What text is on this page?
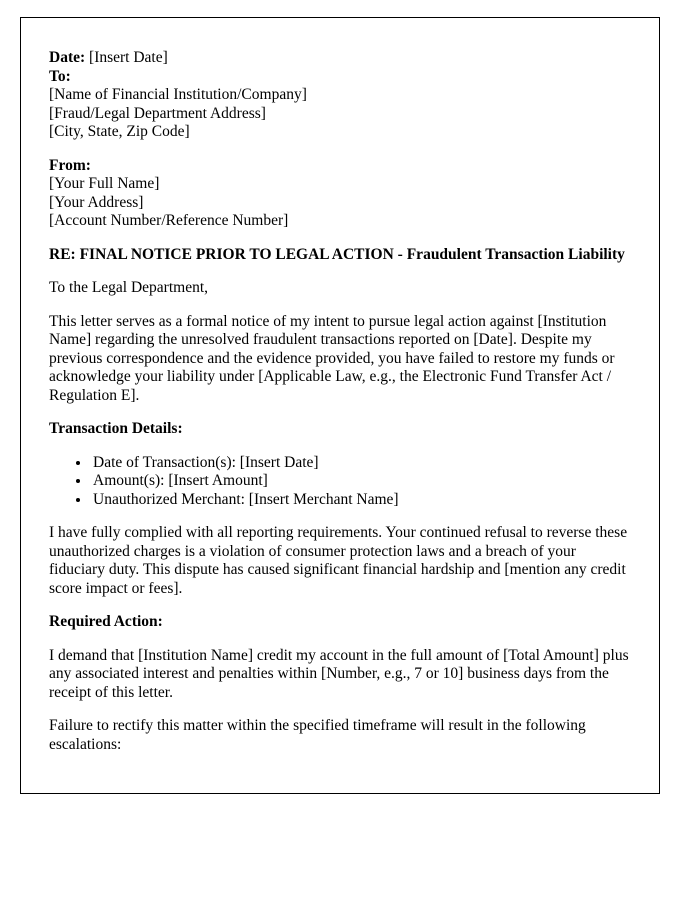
Date: [Insert Date]

To:

[Name of Financial Institution/Company]

[Fraud/Legal Department Address]

[City, State, Zip Code]

From:

[Your Full Name]

[Your Address]

[Account Number/Reference Number]

RE: FINAL NOTICE PRIOR TO LEGAL ACTION - Fraudulent Transaction Liability

To the Legal Department,

This letter serves as a formal notice of my intent to pursue legal action against [Institution Name] regarding the unresolved fraudulent transactions reported on [Date]. Despite my previous correspondence and the evidence provided, you have failed to restore my funds or acknowledge your liability under [Applicable Law, e.g., the Electronic Fund Transfer Act / Regulation E].

Transaction Details:

• Date of Transaction(s): [Insert Date]
• Amount(s): [Insert Amount]
• Unauthorized Merchant: [Insert Merchant Name]

I have fully complied with all reporting requirements. Your continued refusal to reverse these unauthorized charges is a violation of consumer protection laws and a breach of your fiduciary duty. This dispute has caused significant financial hardship and [mention any credit score impact or fees].

Required Action:

I demand that [Institution Name] credit my account in the full amount of [Total Amount] plus any associated interest and penalties within [Number, e.g., 7 or 10] business days from the receipt of this letter.

Failure to rectify this matter within the specified timeframe will result in the following escalations:
